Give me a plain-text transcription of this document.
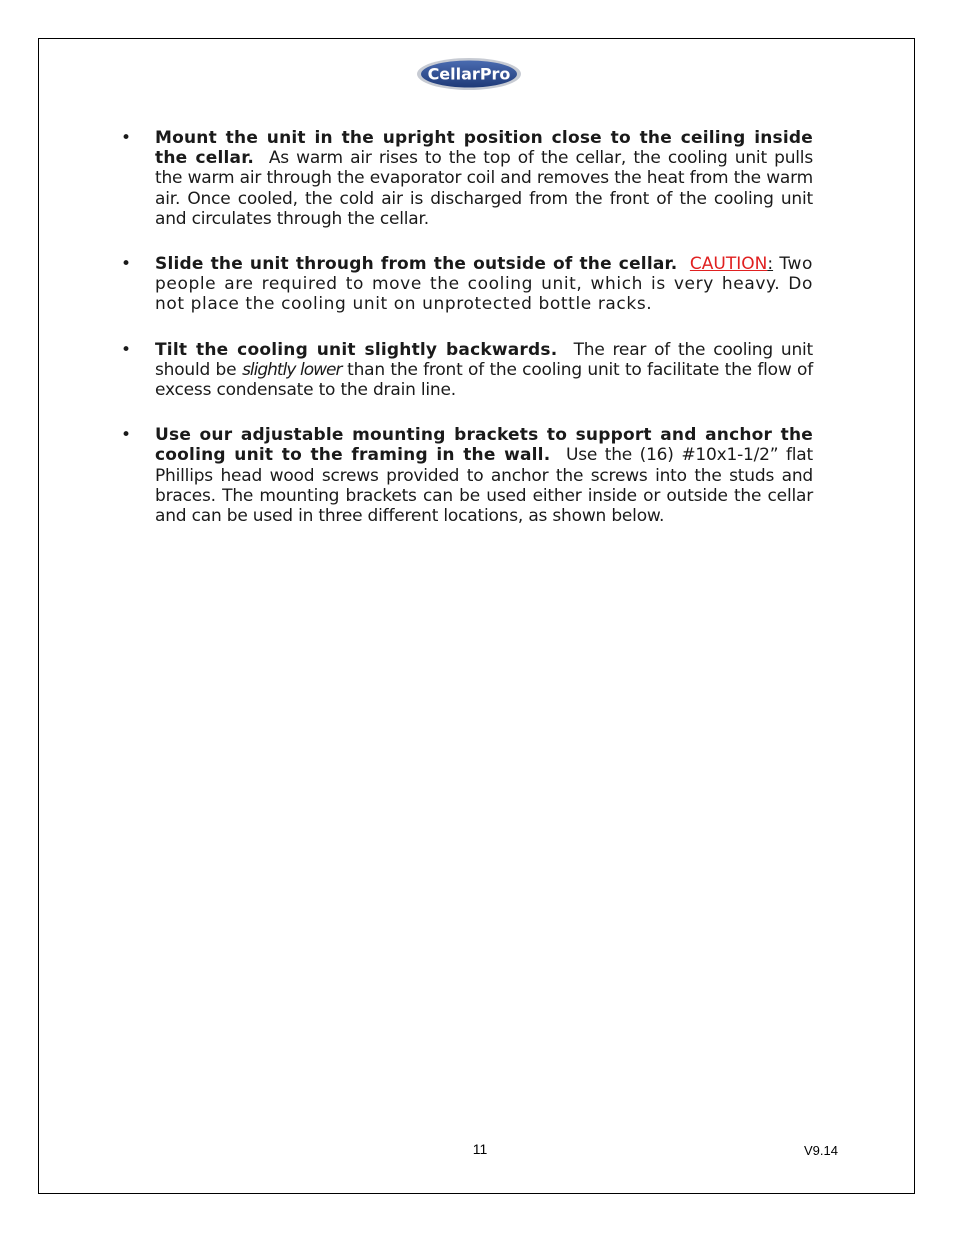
CellarPro
• Mount the unit in the upright position close to the ceiling inside the cellar. As warm air rises to the top of the cellar, the cooling unit pulls the warm air through the evaporator coil and removes the heat from the warm air. Once cooled, the cold air is discharged from the front of the cooling unit and circulates through the cellar.
• Slide the unit through from the outside of the cellar. CAUTION: Two people are required to move the cooling unit, which is very heavy. Do not place the cooling unit on unprotected bottle racks.
• Tilt the cooling unit slightly backwards. The rear of the cooling unit should be slightly lower than the front of the cooling unit to facilitate the flow of excess condensate to the drain line.
• Use our adjustable mounting brackets to support and anchor the cooling unit to the framing in the wall. Use the (16) #10x1-1/2” flat Phillips head wood screws provided to anchor the screws into the studs and braces. The mounting brackets can be used either inside or outside the cellar and can be used in three different locations, as shown below.
11	V9.14
